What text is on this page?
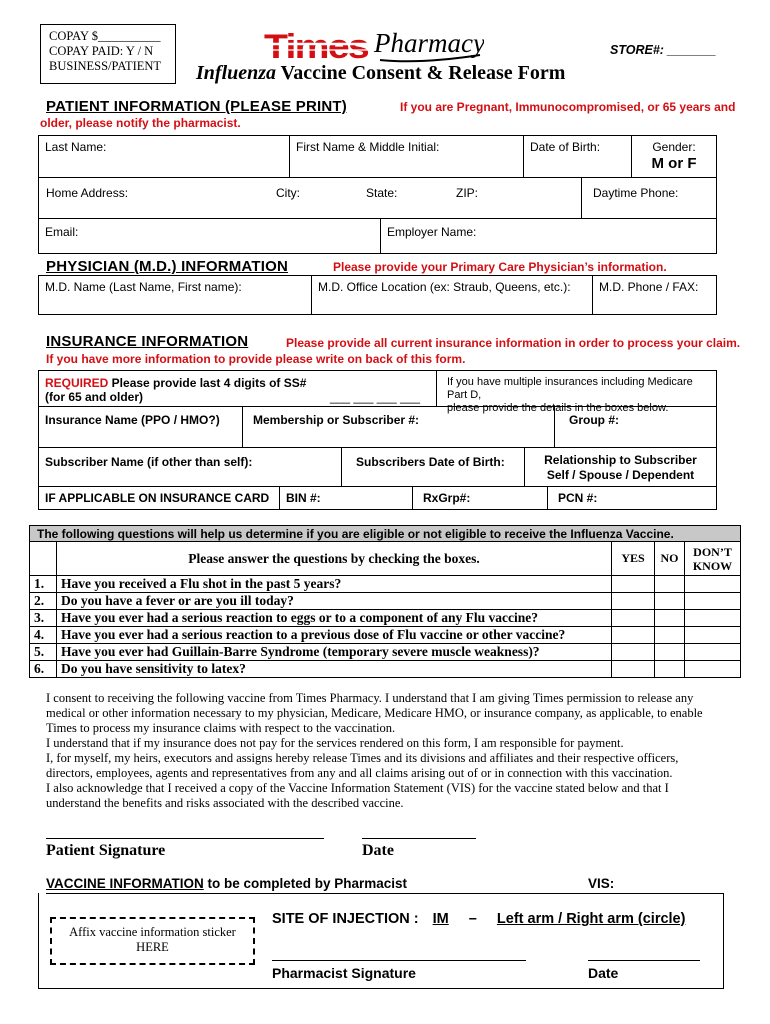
COPAY $__________
COPAY PAID: Y / N
BUSINESS/PATIENT	Times Pharmacy	STORE#: _______
Influenza Vaccine Consent & Release Form
PATIENT INFORMATION (PLEASE PRINT)	If you are Pregnant, Immunocompromised, or 65 years and
older, please notify the pharmacist.
Last Name:	First Name & Middle Initial:	Date of Birth:	Gender:
M or F
Home Address:	City:	State:	ZIP:	Daytime Phone:
Email:	Employer Name:
PHYSICIAN (M.D.) INFORMATION	Please provide your Primary Care Physician’s information.
M.D. Name (Last Name, First name):	M.D. Office Location (ex: Straub, Queens, etc.):	M.D. Phone / FAX:
INSURANCE INFORMATION	Please provide all current insurance information in order to process your claim.
If you have more information to provide please write on back of this form.
REQUIRED Please provide last 4 digits of SS#
(for 65 and older)	___ ___ ___ ___
If you have multiple insurances including Medicare Part D,
please provide the details in the boxes below.
Insurance Name (PPO / HMO?)	Membership or Subscriber #:	Group #:
Subscriber Name (if other than self):	Subscribers Date of Birth:	Relationship to Subscriber
Self / Spouse / Dependent
IF APPLICABLE ON INSURANCE CARD	BIN #:	RxGrp#:	PCN #:
The following questions will help us determine if you are eligible or not eligible to receive the Influenza Vaccine.
	Please answer the questions by checking the boxes.	YES	NO	DON’T
KNOW

1.	Have you received a Flu shot in the past 5 years?			
2.	Do you have a fever or are you ill today?			
3.	Have you ever had a serious reaction to eggs or to a component of any Flu vaccine?			
4.	Have you ever had a serious reaction to a previous dose of Flu vaccine or other vaccine?			
5.	Have you ever had Guillain-Barre Syndrome (temporary severe muscle weakness)?			
6.	Do you have sensitivity to latex?			
I consent to receiving the following vaccine from Times Pharmacy. I understand that I am giving Times permission to release any
medical or other information necessary to my physician, Medicare, Medicare HMO, or insurance company, as applicable, to enable
Times to process my insurance claims with respect to the vaccination.
I understand that if my insurance does not pay for the services rendered on this form, I am responsible for payment.
I, for myself, my heirs, executors and assigns hereby release Times and its divisions and affiliates and their respective officers,
directors, employees, agents and representatives from any and all claims arising out of or in connection with this vaccination.
I also acknowledge that I received a copy of the Vaccine Information Statement (VIS) for the vaccine stated below and that I
understand the benefits and risks associated with the described vaccine.
Patient Signature	Date
VACCINE INFORMATION to be completed by Pharmacist	VIS:
Affix vaccine information sticker
HERE
SITE OF INJECTION : IM – Left arm / Right arm (circle)
Pharmacist Signature	Date
